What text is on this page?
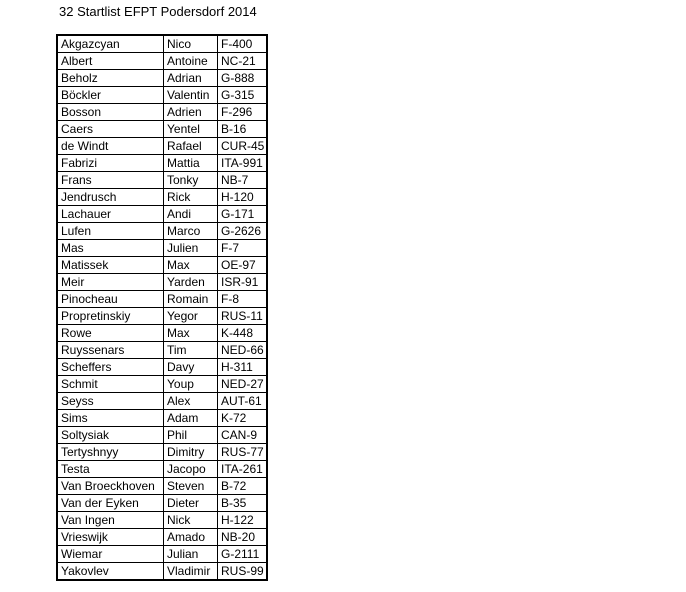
32 Startlist EFPT Podersdorf 2014
Akgazcyan	Nico	F-400
Albert	Antoine	NC-21
Beholz	Adrian	G-888
Böckler	Valentin	G-315
Bosson	Adrien	F-296
Caers	Yentel	B-16
de Windt	Rafael	CUR-45
Fabrizi	Mattia	ITA-991
Frans	Tonky	NB-7
Jendrusch	Rick	H-120
Lachauer	Andi	G-171
Lufen	Marco	G-2626
Mas	Julien	F-7
Matissek	Max	OE-97
Meir	Yarden	ISR-91
Pinocheau	Romain	F-8
Propretinskiy	Yegor	RUS-11
Rowe	Max	K-448
Ruyssenars	Tim	NED-66
Scheffers	Davy	H-311
Schmit	Youp	NED-27
Seyss	Alex	AUT-61
Sims	Adam	K-72
Soltysiak	Phil	CAN-9
Tertyshnyy	Dimitry	RUS-77
Testa	Jacopo	ITA-261
Van Broeckhoven	Steven	B-72
Van der Eyken	Dieter	B-35
Van Ingen	Nick	H-122
Vrieswijk	Amado	NB-20
Wiemar	Julian	G-2111
Yakovlev	Vladimir	RUS-99
